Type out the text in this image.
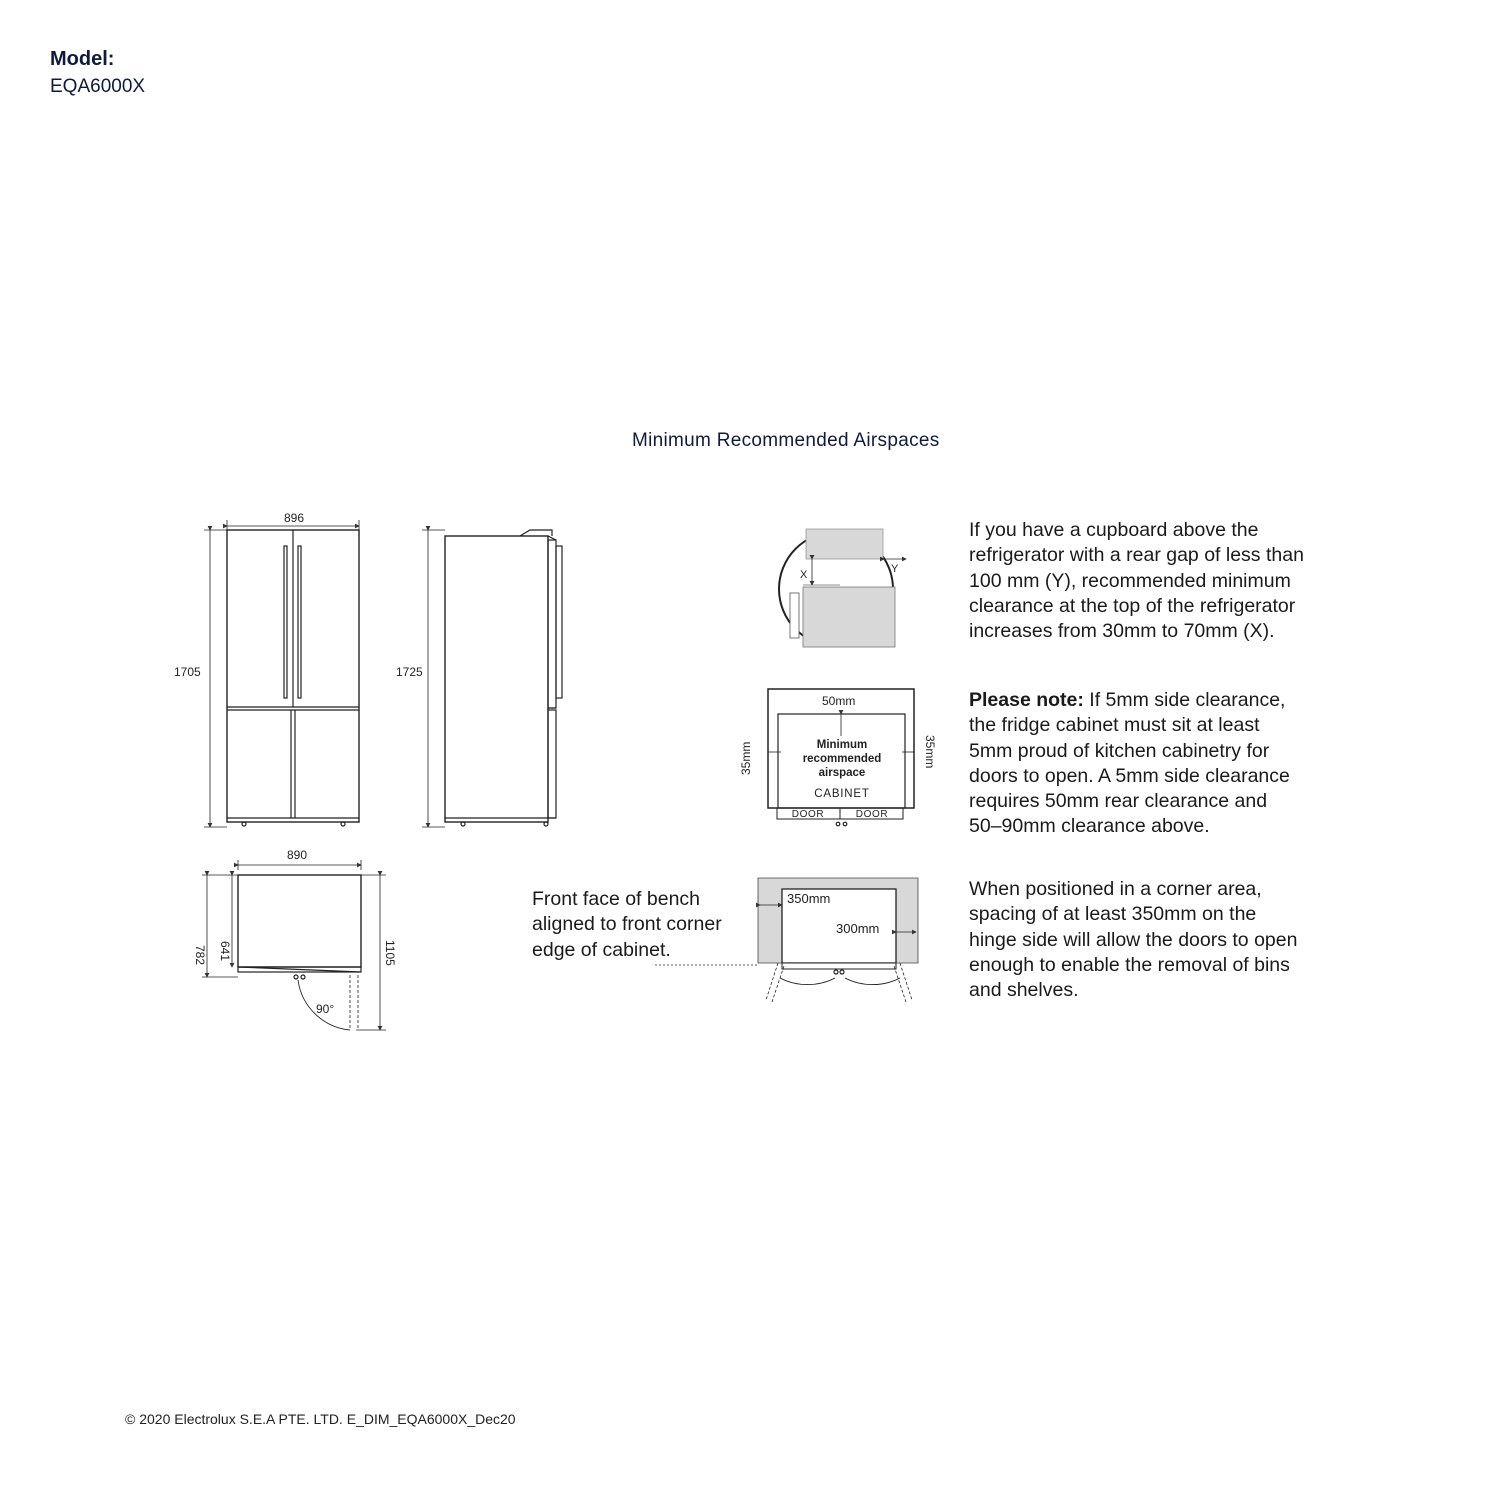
Model:
EQA6000X
Minimum Recommended Airspaces
896
1705	1725
890
782 641	1105
90°
X	Y
50mm
35mm	35mm
Minimum
recommended
airspace
CABINET
DOOR	DOOR
350mm
300mm
Front face of bench
aligned to front corner
edge of cabinet.
If you have a cupboard above the
refrigerator with a rear gap of less than
100 mm (Y), recommended minimum
clearance at the top of the refrigerator
increases from 30mm to 70mm (X).
Please note: If 5mm side clearance,
the fridge cabinet must sit at least
5mm proud of kitchen cabinetry for
doors to open. A 5mm side clearance
requires 50mm rear clearance and
50–90mm clearance above.
When positioned in a corner area,
spacing of at least 350mm on the
hinge side will allow the doors to open
enough to enable the removal of bins
and shelves.
© 2020 Electrolux S.E.A PTE. LTD. E_DIM_EQA6000X_Dec20
